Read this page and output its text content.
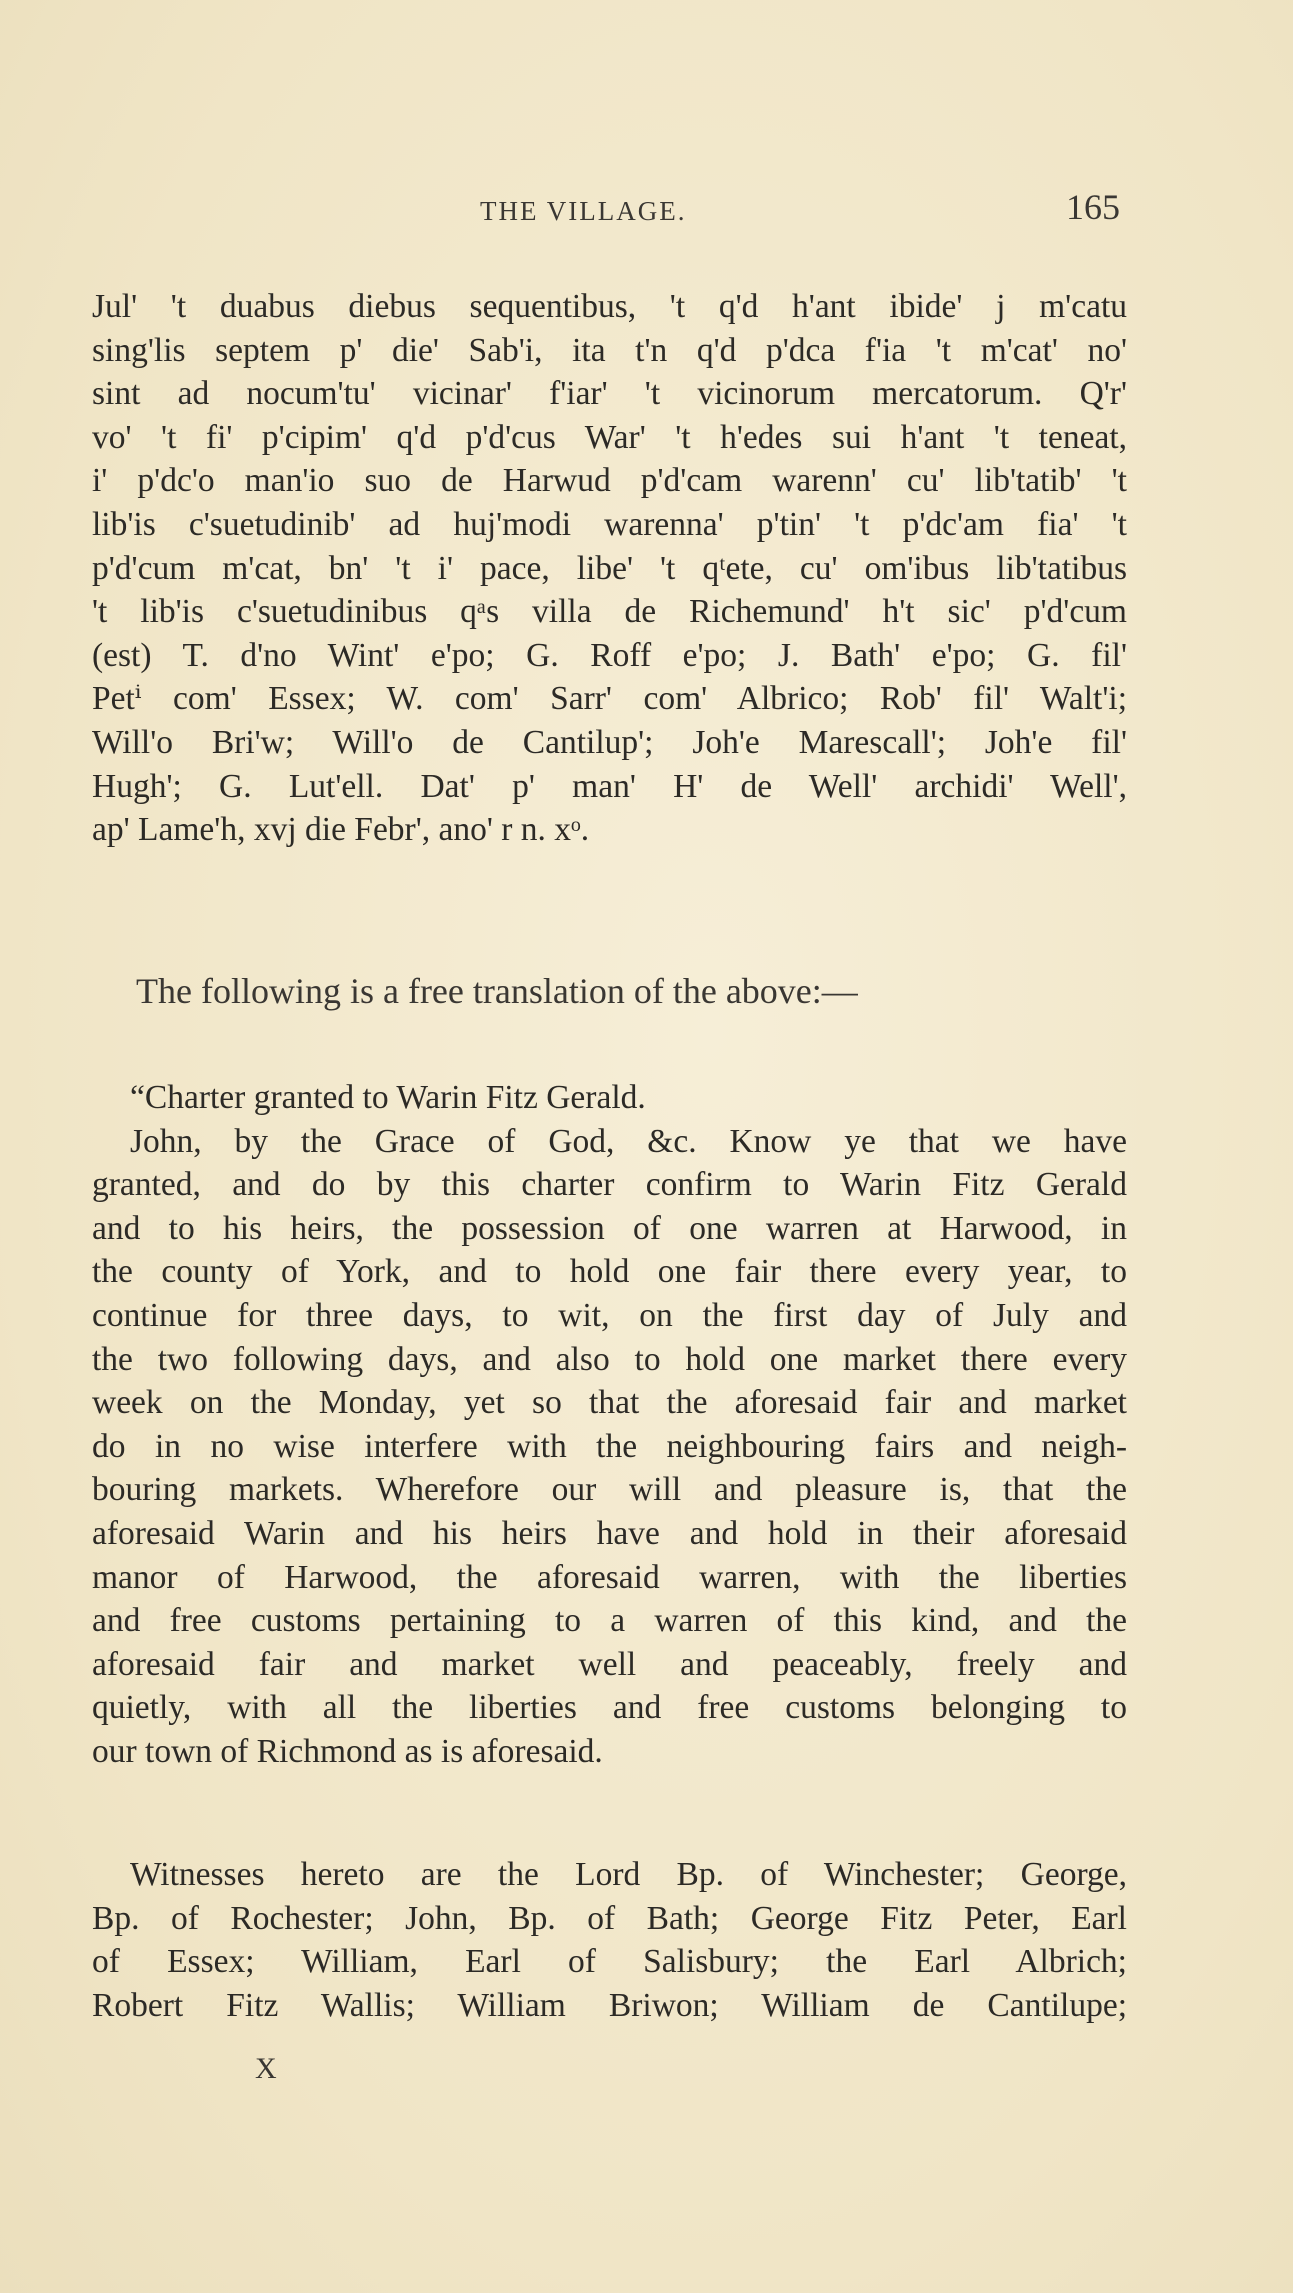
THE VILLAGE.	165
Jul' 't duabus diebus sequentibus, 't q'd h'ant ibide' j m'catu
sing'lis septem p' die' Sab'i, ita t'n q'd p'dca f'ia 't m'cat' no'
sint ad nocum'tu' vicinar' f'iar' 't vicinorum mercatorum. Q'r'
vo' 't fi' p'cipim' q'd p'd'cus War' 't h'edes sui h'ant 't teneat,
i' p'dc'o man'io suo de Harwud p'd'cam warenn' cu' lib'tatib' 't
lib'is c'suetudinib' ad huj'modi warenna' p'tin' 't p'dc'am fia' 't
p'd'cum m'cat, bn' 't i' pace, libe' 't qᵗete, cu' om'ibus lib'tatibus
't lib'is c'suetudinibus qᵃs villa de Richemund' h't sic' p'd'cum
(est) T. d'no Wint' e'po; G. Roff e'po; J. Bath' e'po; G. fil'
Petⁱ com' Essex; W. com' Sarr' com' Albrico; Rob' fil' Walt'i;
Will'o Bri'w; Will'o de Cantilup'; Joh'e Marescall'; Joh'e fil'
Hugh'; G. Lut'ell. Dat' p' man' H' de Well' archidi' Well',
ap' Lame'h, xvj die Febr', ano' r n. xᵒ.
The following is a free translation of the above:—
“Charter granted to Warin Fitz Gerald.
John, by the Grace of God, &c. Know ye that we have
granted, and do by this charter confirm to Warin Fitz Gerald
and to his heirs, the possession of one warren at Harwood, in
the county of York, and to hold one fair there every year, to
continue for three days, to wit, on the first day of July and
the two following days, and also to hold one market there every
week on the Monday, yet so that the aforesaid fair and market
do in no wise interfere with the neighbouring fairs and neigh-
bouring markets. Wherefore our will and pleasure is, that the
aforesaid Warin and his heirs have and hold in their aforesaid
manor of Harwood, the aforesaid warren, with the liberties
and free customs pertaining to a warren of this kind, and the
aforesaid fair and market well and peaceably, freely and
quietly, with all the liberties and free customs belonging to
our town of Richmond as is aforesaid.
Witnesses hereto are the Lord Bp. of Winchester; George,
Bp. of Rochester; John, Bp. of Bath; George Fitz Peter, Earl
of Essex; William, Earl of Salisbury; the Earl Albrich;
Robert Fitz Wallis; William Briwon; William de Cantilupe;
X
